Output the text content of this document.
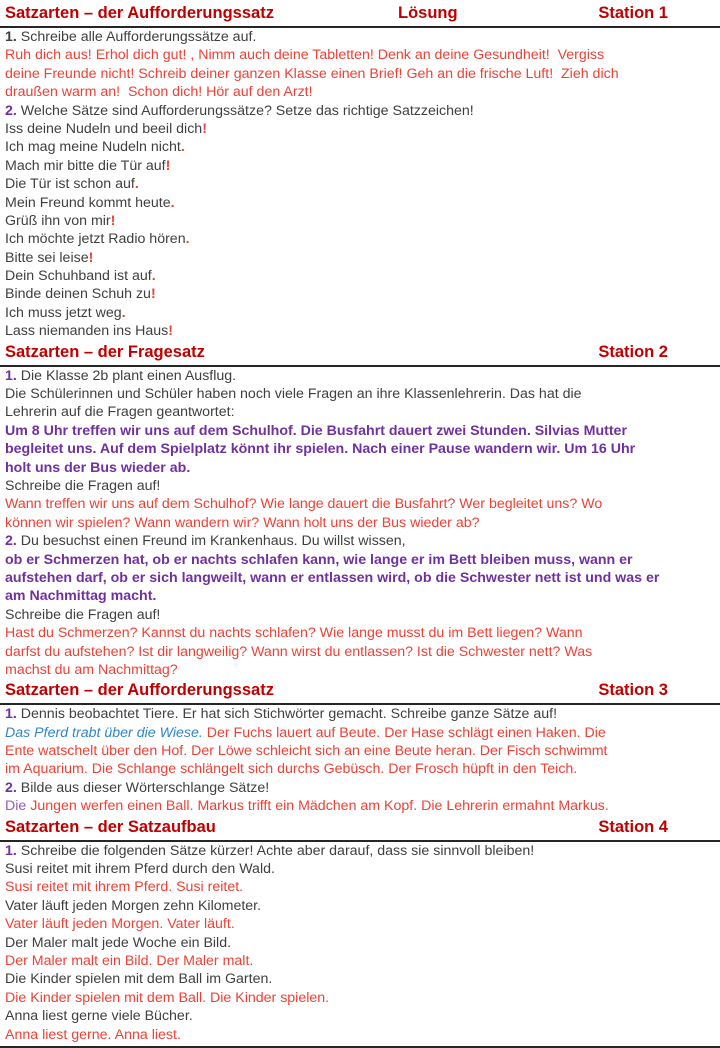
Satzarten – der Aufforderungssatz	Lösung	Station 1
1. Schreibe alle Aufforderungssätze auf.
Ruh dich aus! Erhol dich gut! , Nimm auch deine Tabletten! Denk an deine Gesundheit!  Vergiss
deine Freunde nicht! Schreib deiner ganzen Klasse einen Brief! Geh an die frische Luft!  Zieh dich
draußen warm an!  Schon dich! Hör auf den Arzt!
2. Welche Sätze sind Aufforderungssätze? Setze das richtige Satzzeichen!
Iss deine Nudeln und beeil dich!
Ich mag meine Nudeln nicht.
Mach mir bitte die Tür auf!
Die Tür ist schon auf.
Mein Freund kommt heute.
Grüß ihn von mir!
Ich möchte jetzt Radio hören.
Bitte sei leise!
Dein Schuhband ist auf.
Binde deinen Schuh zu!
Ich muss jetzt weg.
Lass niemanden ins Haus!
Satzarten – der Fragesatz	Station 2
1. Die Klasse 2b plant einen Ausflug.
Die Schülerinnen und Schüler haben noch viele Fragen an ihre Klassenlehrerin. Das hat die
Lehrerin auf die Fragen geantwortet:
Um 8 Uhr treffen wir uns auf dem Schulhof. Die Busfahrt dauert zwei Stunden. Silvias Mutter
begleitet uns. Auf dem Spielplatz könnt ihr spielen. Nach einer Pause wandern wir. Um 16 Uhr
holt uns der Bus wieder ab.
Schreibe die Fragen auf!
Wann treffen wir uns auf dem Schulhof? Wie lange dauert die Busfahrt? Wer begleitet uns? Wo
können wir spielen? Wann wandern wir? Wann holt uns der Bus wieder ab?
2. Du besuchst einen Freund im Krankenhaus. Du willst wissen,
ob er Schmerzen hat, ob er nachts schlafen kann, wie lange er im Bett bleiben muss, wann er
aufstehen darf, ob er sich langweilt, wann er entlassen wird, ob die Schwester nett ist und was er
am Nachmittag macht.
Schreibe die Fragen auf!
Hast du Schmerzen? Kannst du nachts schlafen? Wie lange musst du im Bett liegen? Wann
darfst du aufstehen? Ist dir langweilig? Wann wirst du entlassen? Ist die Schwester nett? Was
machst du am Nachmittag?
Satzarten – der Aufforderungssatz	Station 3
1. Dennis beobachtet Tiere. Er hat sich Stichwörter gemacht. Schreibe ganze Sätze auf!
Das Pferd trabt über die Wiese. Der Fuchs lauert auf Beute. Der Hase schlägt einen Haken. Die
Ente watschelt über den Hof. Der Löwe schleicht sich an eine Beute heran. Der Fisch schwimmt
im Aquarium. Die Schlange schlängelt sich durchs Gebüsch. Der Frosch hüpft in den Teich.
2. Bilde aus dieser Wörterschlange Sätze!
Die Jungen werfen einen Ball. Markus trifft ein Mädchen am Kopf. Die Lehrerin ermahnt Markus.
Satzarten – der Satzaufbau	Station 4
1. Schreibe die folgenden Sätze kürzer! Achte aber darauf, dass sie sinnvoll bleiben!
Susi reitet mit ihrem Pferd durch den Wald.
Susi reitet mit ihrem Pferd. Susi reitet.
Vater läuft jeden Morgen zehn Kilometer.
Vater läuft jeden Morgen. Vater läuft.
Der Maler malt jede Woche ein Bild.
Der Maler malt ein Bild. Der Maler malt.
Die Kinder spielen mit dem Ball im Garten.
Die Kinder spielen mit dem Ball. Die Kinder spielen.
Anna liest gerne viele Bücher.
Anna liest gerne. Anna liest.
